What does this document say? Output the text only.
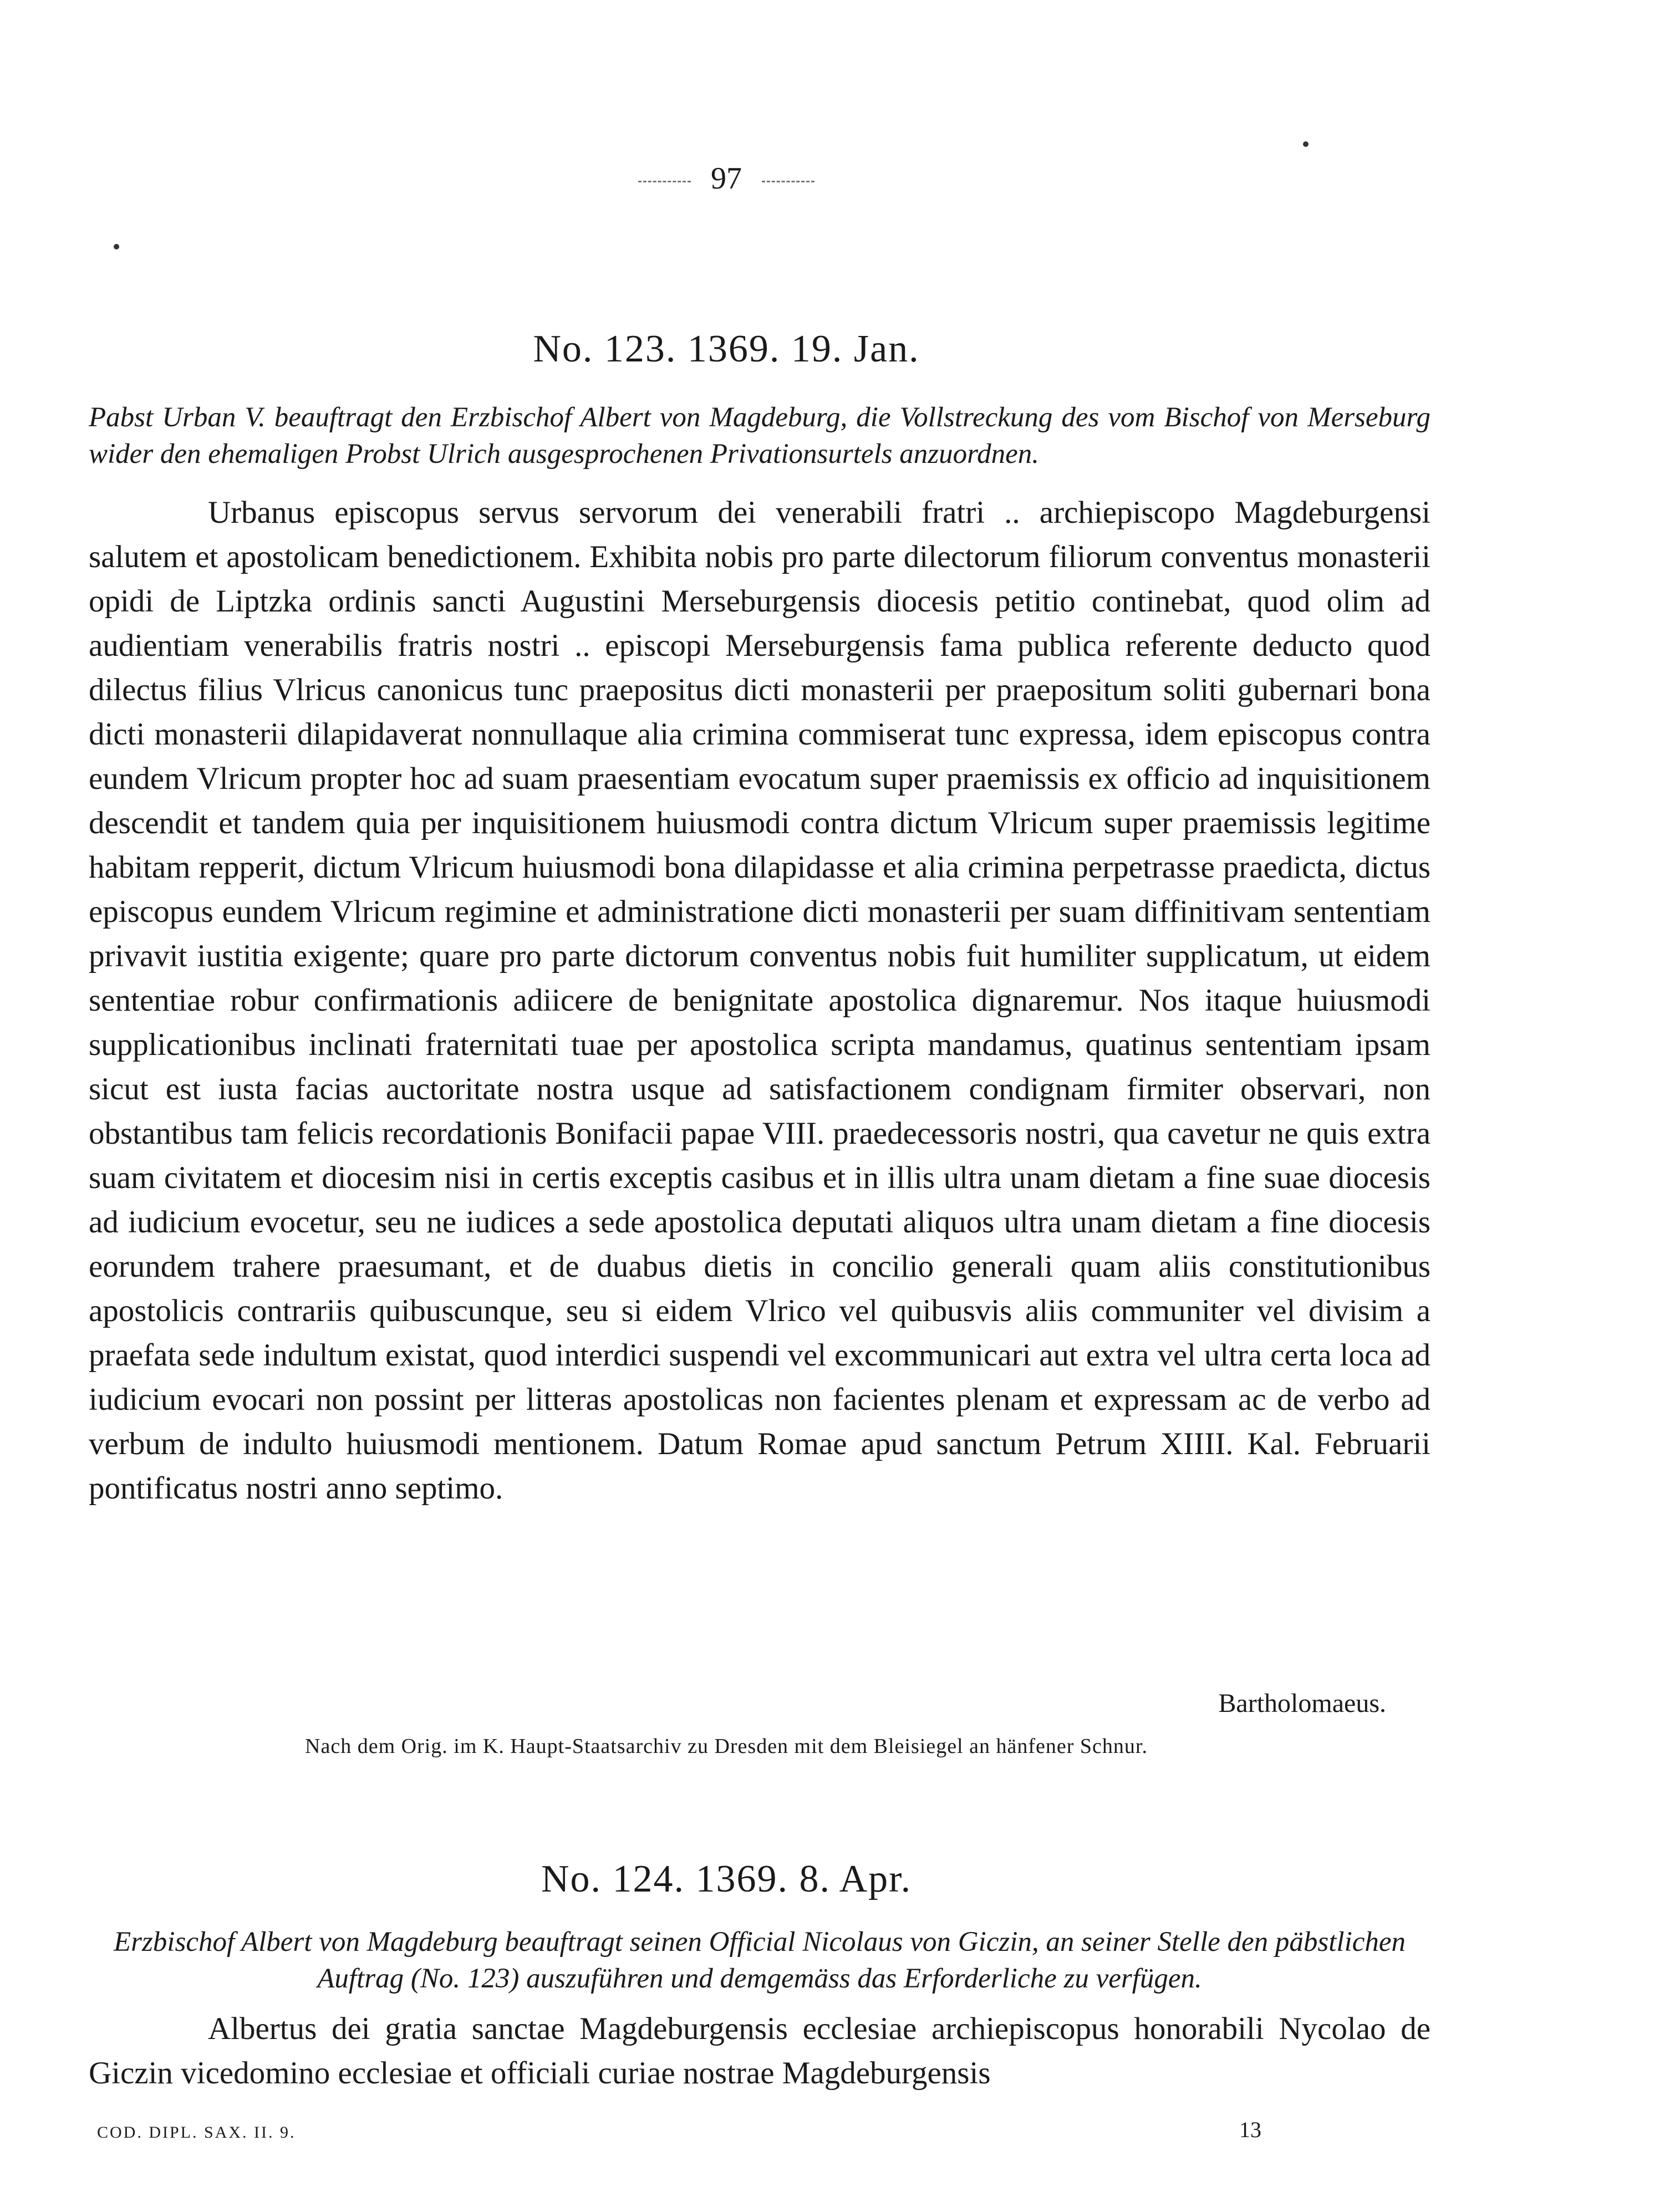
97
No. 123. 1369. 19. Jan.
Pabst Urban V. beauftragt den Erzbischof Albert von Magdeburg, die Vollstreckung des vom Bischof von Merseburg wider den ehemaligen Probst Ulrich ausgesprochenen Privationsurtels anzuordnen.

Urbanus episcopus servus servorum dei venerabili fratri .. archiepiscopo Magdeburgensi salutem et apostolicam benedictionem. Exhibita nobis pro parte dilectorum filiorum conventus monasterii opidi de Liptzka ordinis sancti Augustini Merseburgensis diocesis petitio continebat, quod olim ad audientiam venerabilis fratris nostri .. episcopi Merseburgensis fama publica referente deducto quod dilectus filius Vlricus canonicus tunc praepositus dicti monasterii per praepositum soliti gubernari bona dicti monasterii dilapidaverat nonnullaque alia crimina commiserat tunc expressa, idem episcopus contra eundem Vlricum propter hoc ad suam praesentiam evocatum super praemissis ex officio ad inquisitionem descendit et tandem quia per inquisitionem huiusmodi contra dictum Vlricum super praemissis legitime habitam repperit, dictum Vlricum huiusmodi bona dilapidasse et alia crimina perpetrasse praedicta, dictus episcopus eundem Vlricum regimine et administratione dicti monasterii per suam diffinitivam sententiam privavit iustitia exigente; quare pro parte dictorum conventus nobis fuit humiliter supplicatum, ut eidem sententiae robur confirmationis adiicere de benignitate apostolica dignaremur. Nos itaque huiusmodi supplicationibus inclinati fraternitati tuae per apostolica scripta mandamus, quatinus sententiam ipsam sicut est iusta facias auctoritate nostra usque ad satisfactionem condignam firmiter observari, non obstantibus tam felicis recordationis Bonifacii papae VIII. praedecessoris nostri, qua cavetur ne quis extra suam civitatem et diocesim nisi in certis exceptis casibus et in illis ultra unam dietam a fine suae diocesis ad iudicium evocetur, seu ne iudices a sede apostolica deputati aliquos ultra unam dietam a fine diocesis eorundem trahere praesumant, et de duabus dietis in concilio generali quam aliis constitutionibus apostolicis contrariis quibuscunque, seu si eidem Vlrico vel quibusvis aliis communiter vel divisim a praefata sede indultum existat, quod interdici suspendi vel excommunicari aut extra vel ultra certa loca ad iudicium evocari non possint per litteras apostolicas non facientes plenam et expressam ac de verbo ad verbum de indulto huiusmodi mentionem. Datum Romae apud sanctum Petrum XIIII. Kal. Februarii pontificatus nostri anno septimo.

Bartholomaeus.
Nach dem Orig. im K. Haupt-Staatsarchiv zu Dresden mit dem Bleisiegel an hänfener Schnur.
No. 124. 1369. 8. Apr.
Erzbischof Albert von Magdeburg beauftragt seinen Official Nicolaus von Giczin, an seiner Stelle den päbstlichen Auftrag (No. 123) auszuführen und demgemäss das Erforderliche zu verfügen.

Albertus dei gratia sanctae Magdeburgensis ecclesiae archiepiscopus honorabili Nycolao de Giczin vicedomino ecclesiae et officiali curiae nostrae Magdeburgensis

COD. DIPL. SAX. II. 9.	13
